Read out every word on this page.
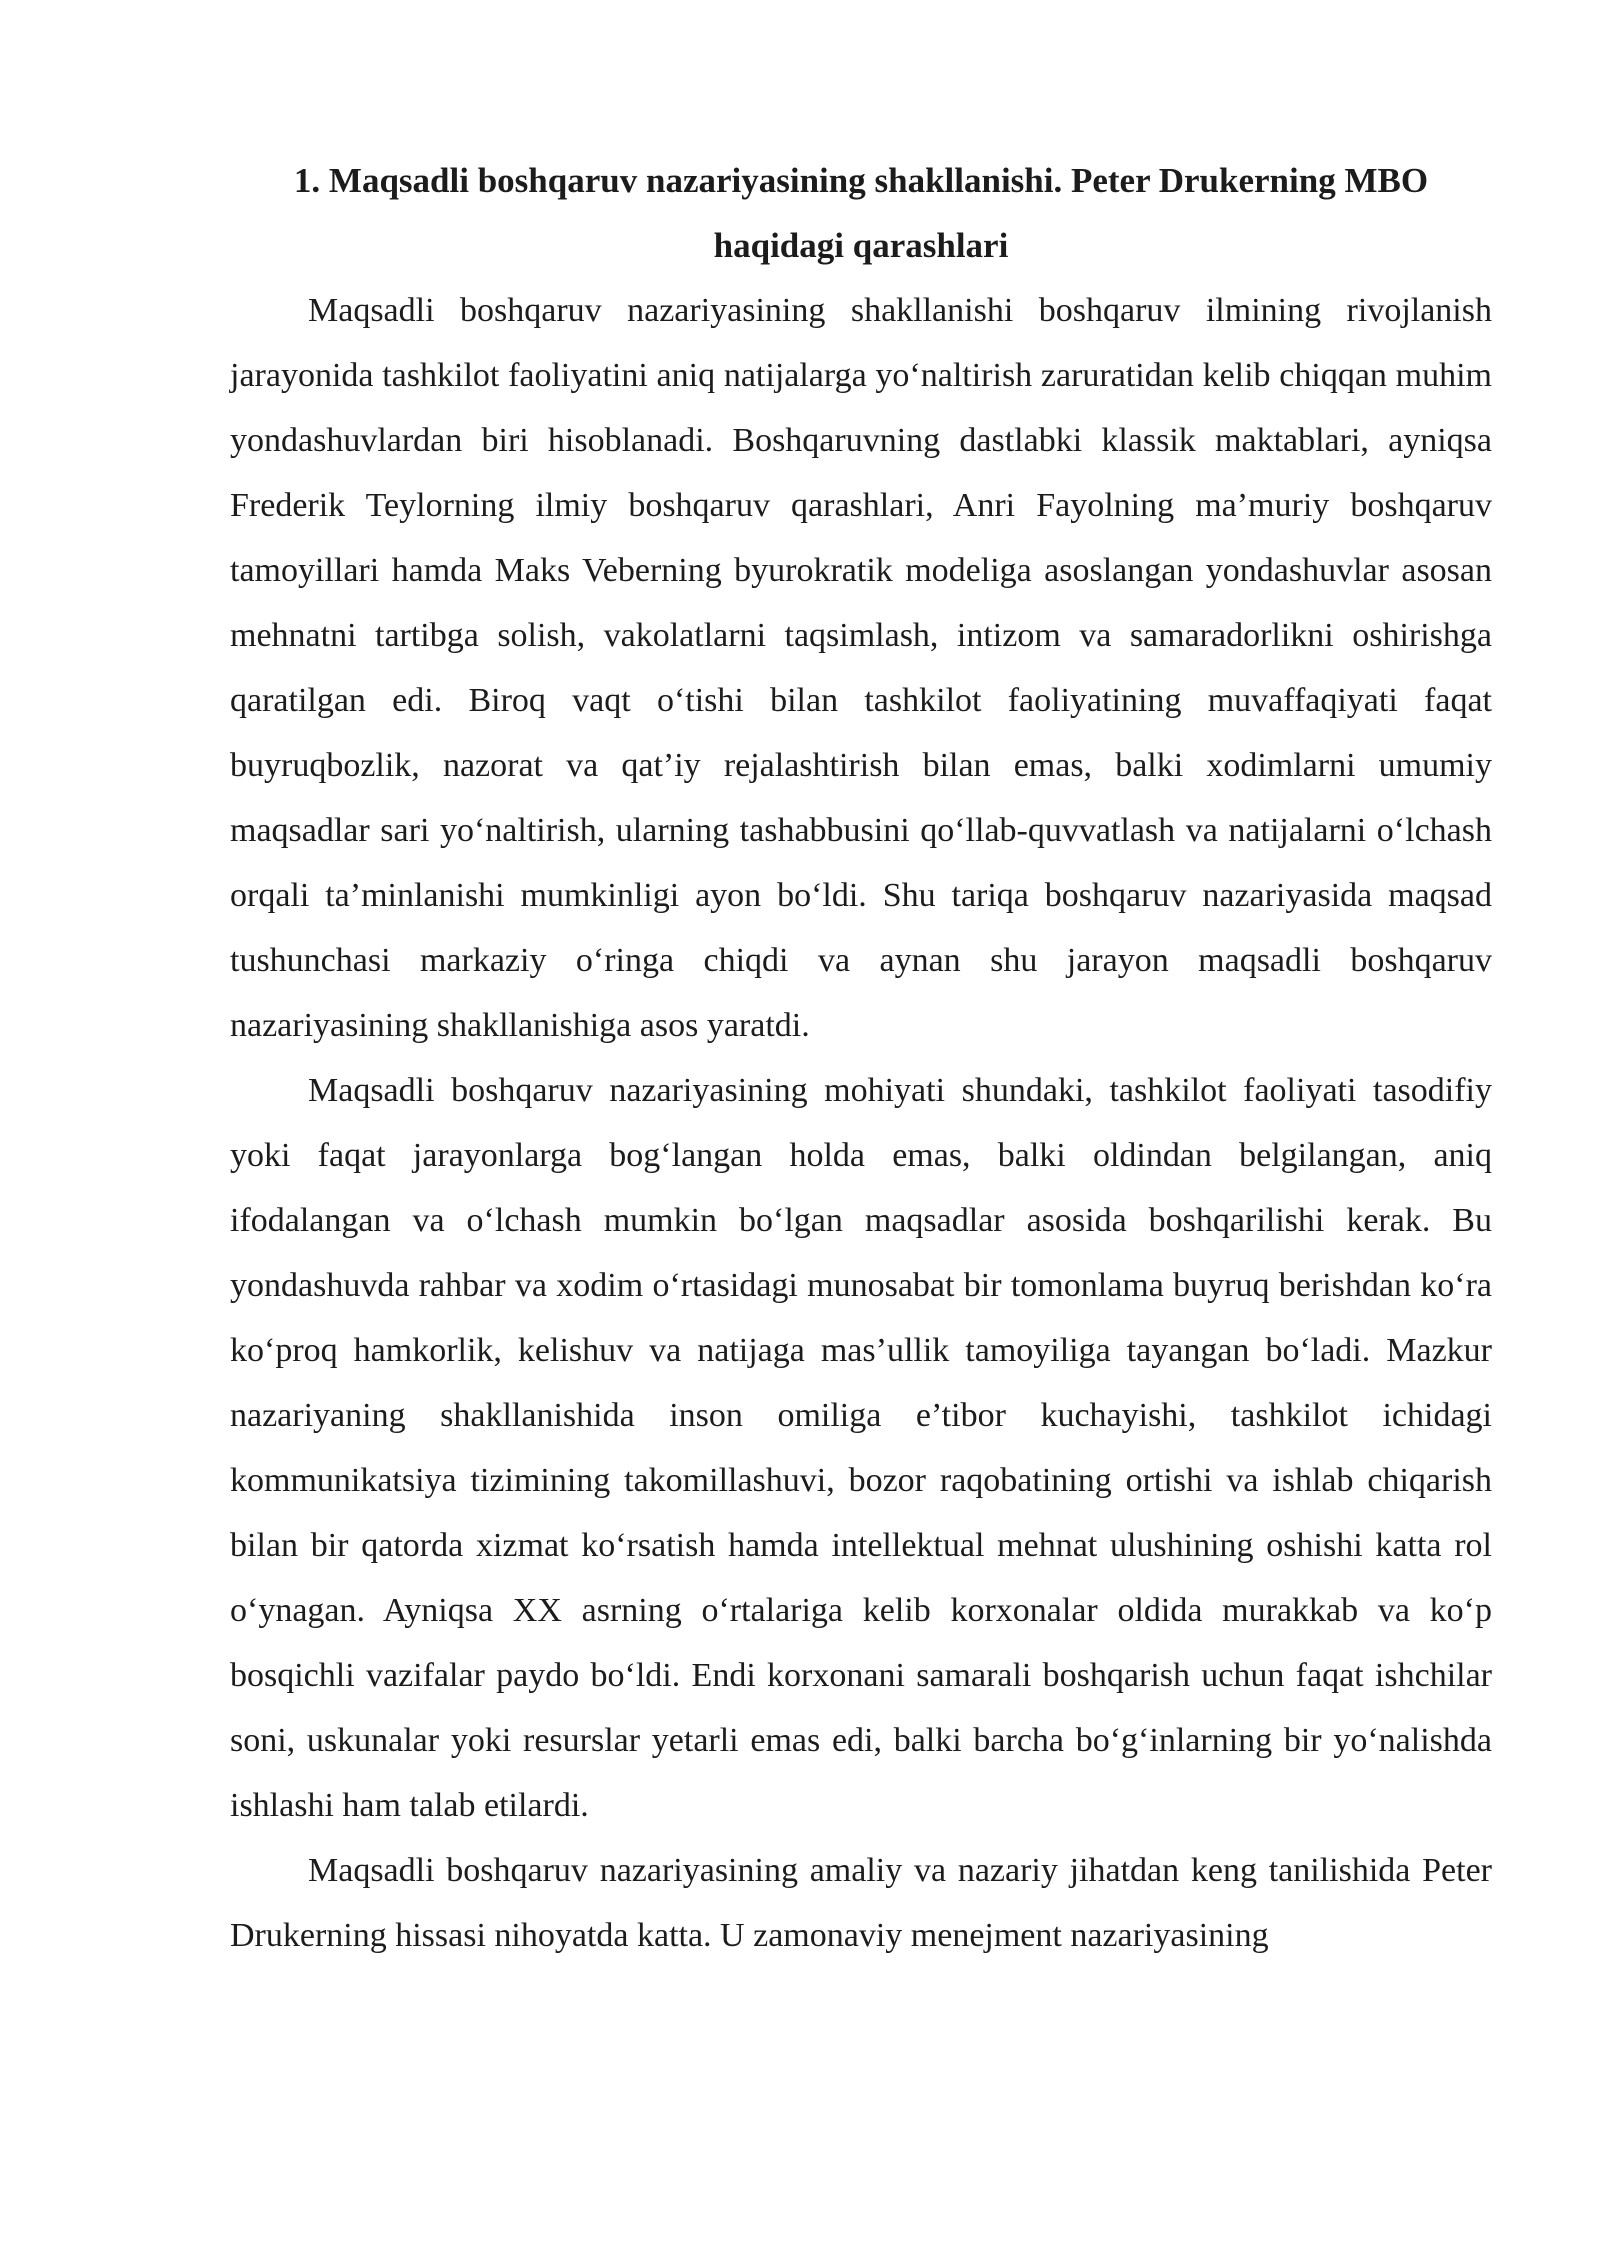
1. Maqsadli boshqaruv nazariyasining shakllanishi. Peter Drukerning MBO haqidagi qarashlari

Maqsadli boshqaruv nazariyasining shakllanishi boshqaruv ilmining rivojlanish jarayonida tashkilot faoliyatini aniq natijalarga yo‘naltirish zaruratidan kelib chiqqan muhim yondashuvlardan biri hisoblanadi. Boshqaruvning dastlabki klassik maktablari, ayniqsa Frederik Teylorning ilmiy boshqaruv qarashlari, Anri Fayolning ma’muriy boshqaruv tamoyillari hamda Maks Veberning byurokratik modeliga asoslangan yondashuvlar asosan mehnatni tartibga solish, vakolatlarni taqsimlash, intizom va samaradorlikni oshirishga qaratilgan edi. Biroq vaqt o‘tishi bilan tashkilot faoliyatining muvaffaqiyati faqat buyruqbozlik, nazorat va qat’iy rejalashtirish bilan emas, balki xodimlarni umumiy maqsadlar sari yo‘naltirish, ularning tashabbusini qo‘llab-quvvatlash va natijalarni o‘lchash orqali ta’minlanishi mumkinligi ayon bo‘ldi. Shu tariqa boshqaruv nazariyasida maqsad tushunchasi markaziy o‘ringa chiqdi va aynan shu jarayon maqsadli boshqaruv nazariyasining shakllanishiga asos yaratdi.

Maqsadli boshqaruv nazariyasining mohiyati shundaki, tashkilot faoliyati tasodifiy yoki faqat jarayonlarga bog‘langan holda emas, balki oldindan belgilangan, aniq ifodalangan va o‘lchash mumkin bo‘lgan maqsadlar asosida boshqarilishi kerak. Bu yondashuvda rahbar va xodim o‘rtasidagi munosabat bir tomonlama buyruq berishdan ko‘ra ko‘proq hamkorlik, kelishuv va natijaga mas’ullik tamoyiliga tayangan bo‘ladi. Mazkur nazariyaning shakllanishida inson omiliga e’tibor kuchayishi, tashkilot ichidagi kommunikatsiya tizimining takomillashuvi, bozor raqobatining ortishi va ishlab chiqarish bilan bir qatorda xizmat ko‘rsatish hamda intellektual mehnat ulushining oshishi katta rol o‘ynagan. Ayniqsa XX asrning o‘rtalariga kelib korxonalar oldida murakkab va ko‘p bosqichli vazifalar paydo bo‘ldi. Endi korxonani samarali boshqarish uchun faqat ishchilar soni, uskunalar yoki resurslar yetarli emas edi, balki barcha bo‘g‘inlarning bir yo‘nalishda ishlashi ham talab etilardi.

Maqsadli boshqaruv nazariyasining amaliy va nazariy jihatdan keng tanilishida Peter Drukerning hissasi nihoyatda katta. U zamonaviy menejment nazariyasining
